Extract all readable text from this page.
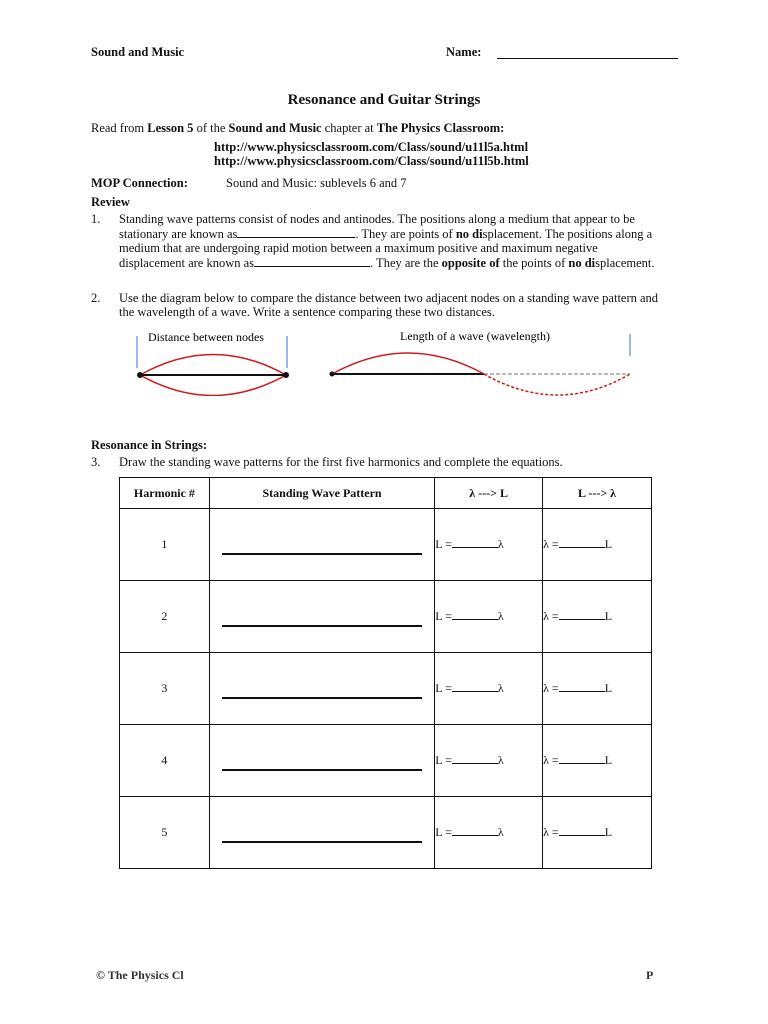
Sound and Music	Name:
Resonance and Guitar Strings
Read from Lesson 5 of the Sound and Music chapter at The Physics Classroom:
http://www.physicsclassroom.com/Class/sound/u11l5a.html
http://www.physicsclassroom.com/Class/sound/u11l5b.html
MOP Connection:	Sound and Music: sublevels 6 and 7
Review
1. Standing wave patterns consist of nodes and antinodes. The positions along a medium that appear to be stationary are known as	. They are points of no displacement. The positions along a medium that are undergoing rapid motion between a maximum positive and maximum negative displacement are known as	. They are the opposite of the points of no displacement.
2. Use the diagram below to compare the distance between two adjacent nodes on a standing wave pattern and the wavelength of a wave. Write a sentence comparing these two distances.
Distance between nodes	Length of a wave (wavelength)
Resonance in Strings:
3. Draw the standing wave patterns for the first five harmonics and complete the equations.
Harmonic #	Standing Wave Pattern	λ ---> L	L ---> λ
1		L = λ	λ = L
2		L = λ	λ = L
3		L = λ	λ = L
4		L = λ	λ = L
5		L = λ	λ = L
© The Physics Cl	P
